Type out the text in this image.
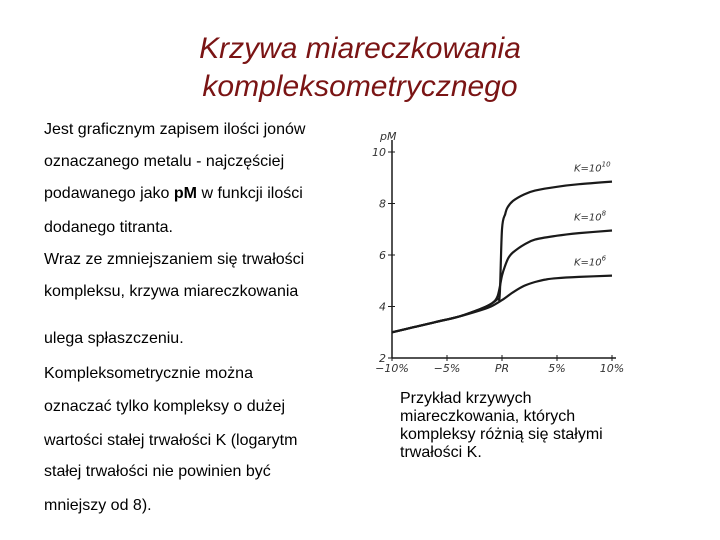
Krzywa miareczkowania
kompleksometrycznego
Jest graficznym zapisem ilości jonów
oznaczanego metalu - najczęściej
podawanego jako pM w funkcji ilości
dodanego titranta.
Wraz ze zmniejszaniem się trwałości
kompleksu, krzywa miareczkowania
ulega spłaszczeniu.
Kompleksometrycznie można
oznaczać tylko kompleksy o dużej
wartości stałej trwałości K (logarytm
stałej trwałości nie powinien być
mniejszy od 8).
Przykład krzywych miareczkowania, których kompleksy różnią się stałymi trwałości K.
pM
2
4
6
8
10
−10% −5%	PR	5%	10%
$K=10^{10}$
$K=10^8$
$K=10^6$
